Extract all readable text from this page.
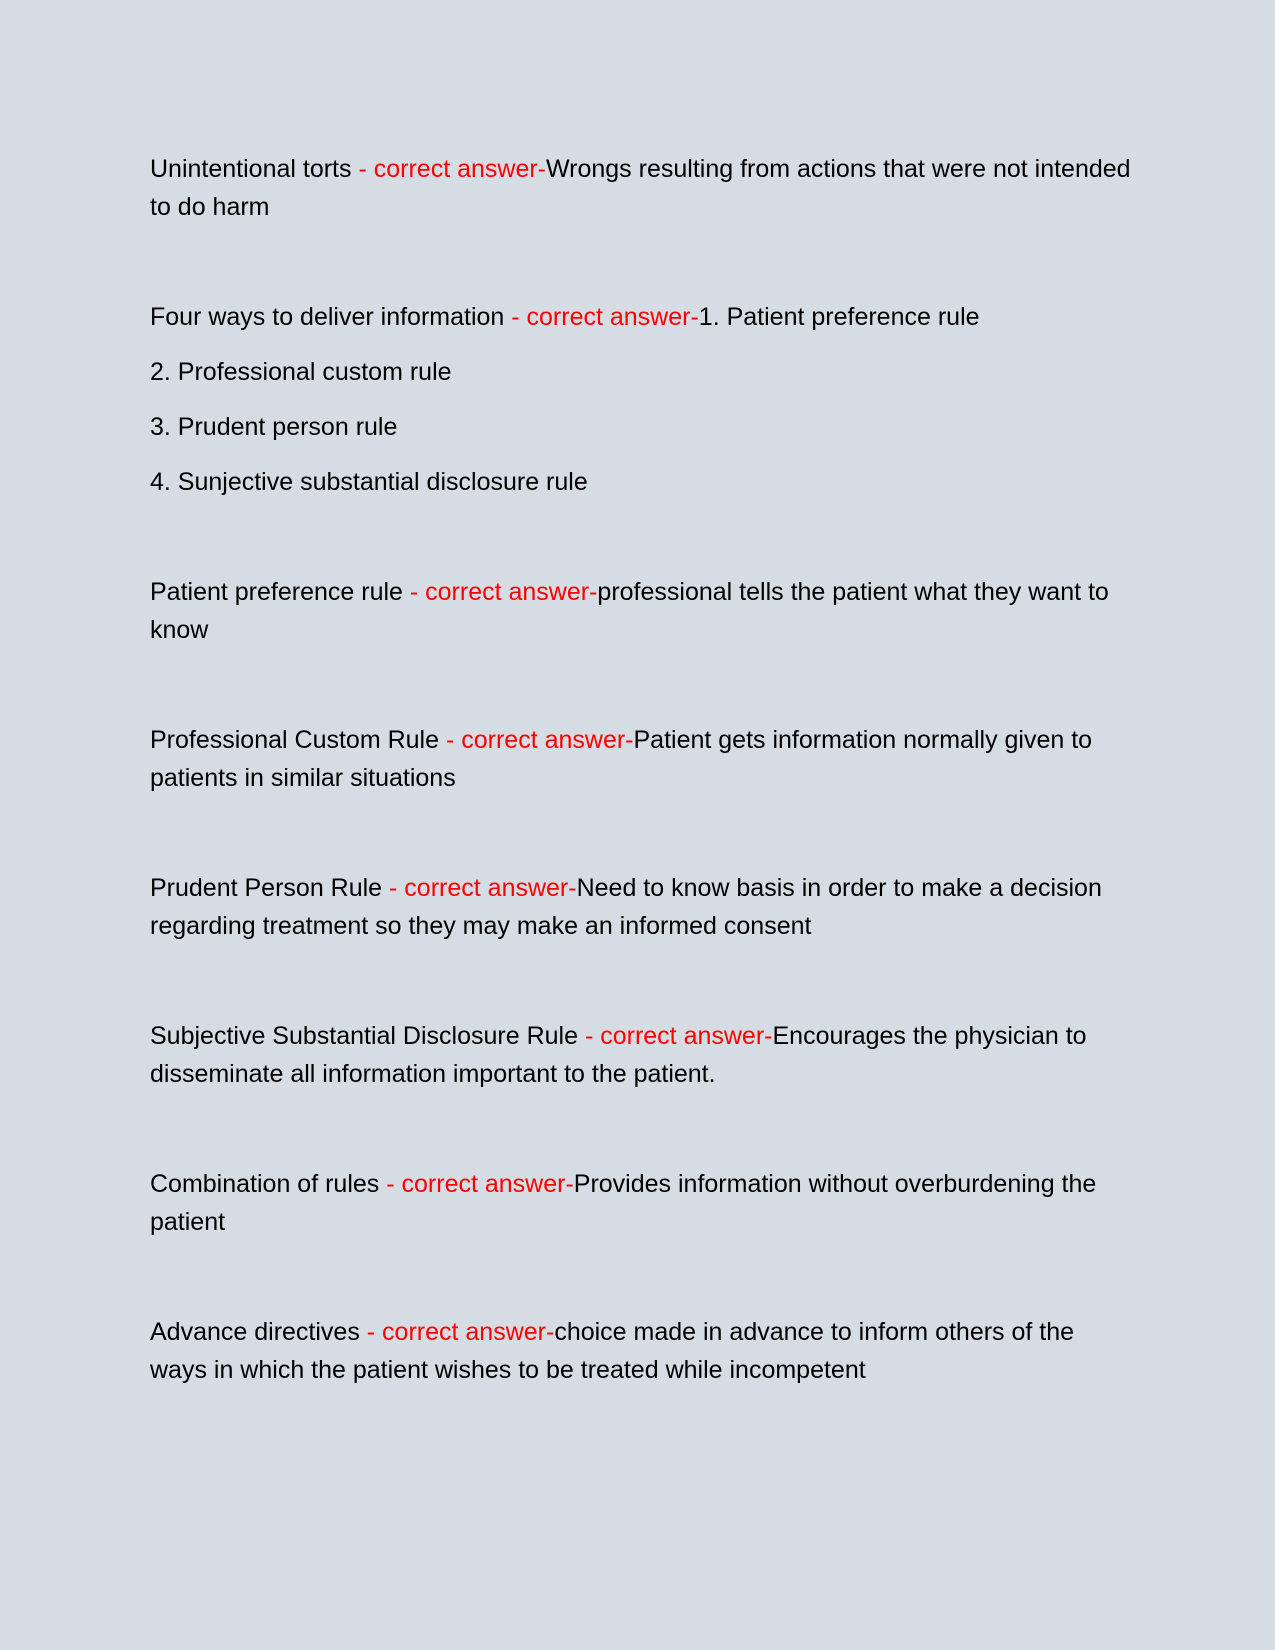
Unintentional torts - correct answer-Wrongs resulting from actions that were not intended to do harm

Four ways to deliver information - correct answer-1. Patient preference rule
2. Professional custom rule
3. Prudent person rule
4. Sunjective substantial disclosure rule

Patient preference rule - correct answer-professional tells the patient what they want to know

Professional Custom Rule - correct answer-Patient gets information normally given to patients in similar situations

Prudent Person Rule - correct answer-Need to know basis in order to make a decision regarding treatment so they may make an informed consent

Subjective Substantial Disclosure Rule - correct answer-Encourages the physician to disseminate all information important to the patient.

Combination of rules - correct answer-Provides information without overburdening the patient

Advance directives - correct answer-choice made in advance to inform others of the ways in which the patient wishes to be treated while incompetent
